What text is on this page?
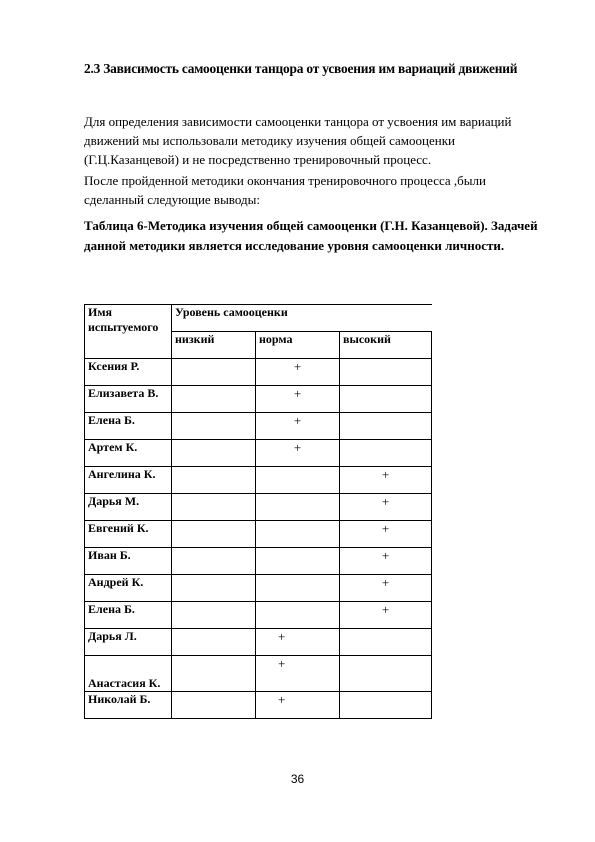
2.3 Зависимость самооценки танцора от усвоения им вариаций движений
Для определения зависимости самооценки танцора от усвоения им вариаций движений мы использовали методику изучения общей самооценки (Г.Ц.Казанцевой) и не посредственно тренировочный процесс.
После пройденной методики окончания тренировочного процесса ,были сделанный следующие выводы:
Таблица 6-Методика изучения общей самооценки (Г.Н. Казанцевой). Задачей данной методики является исследование уровня самооценки личности.
Имя испытуемого	Уровень самооценки		
	низкий	норма	высокий
Ксения Р.		+	
Елизавета В.		+	
Елена Б.		+	
Артем К.		+	
Ангелина К.			+
Дарья М.			+
Евгений К.			+
Иван Б.			+
Андрей К.			+
Елена Б.			+
Дарья Л.		+	
Анастасия К.		+	
Николай Б.		+	
36
